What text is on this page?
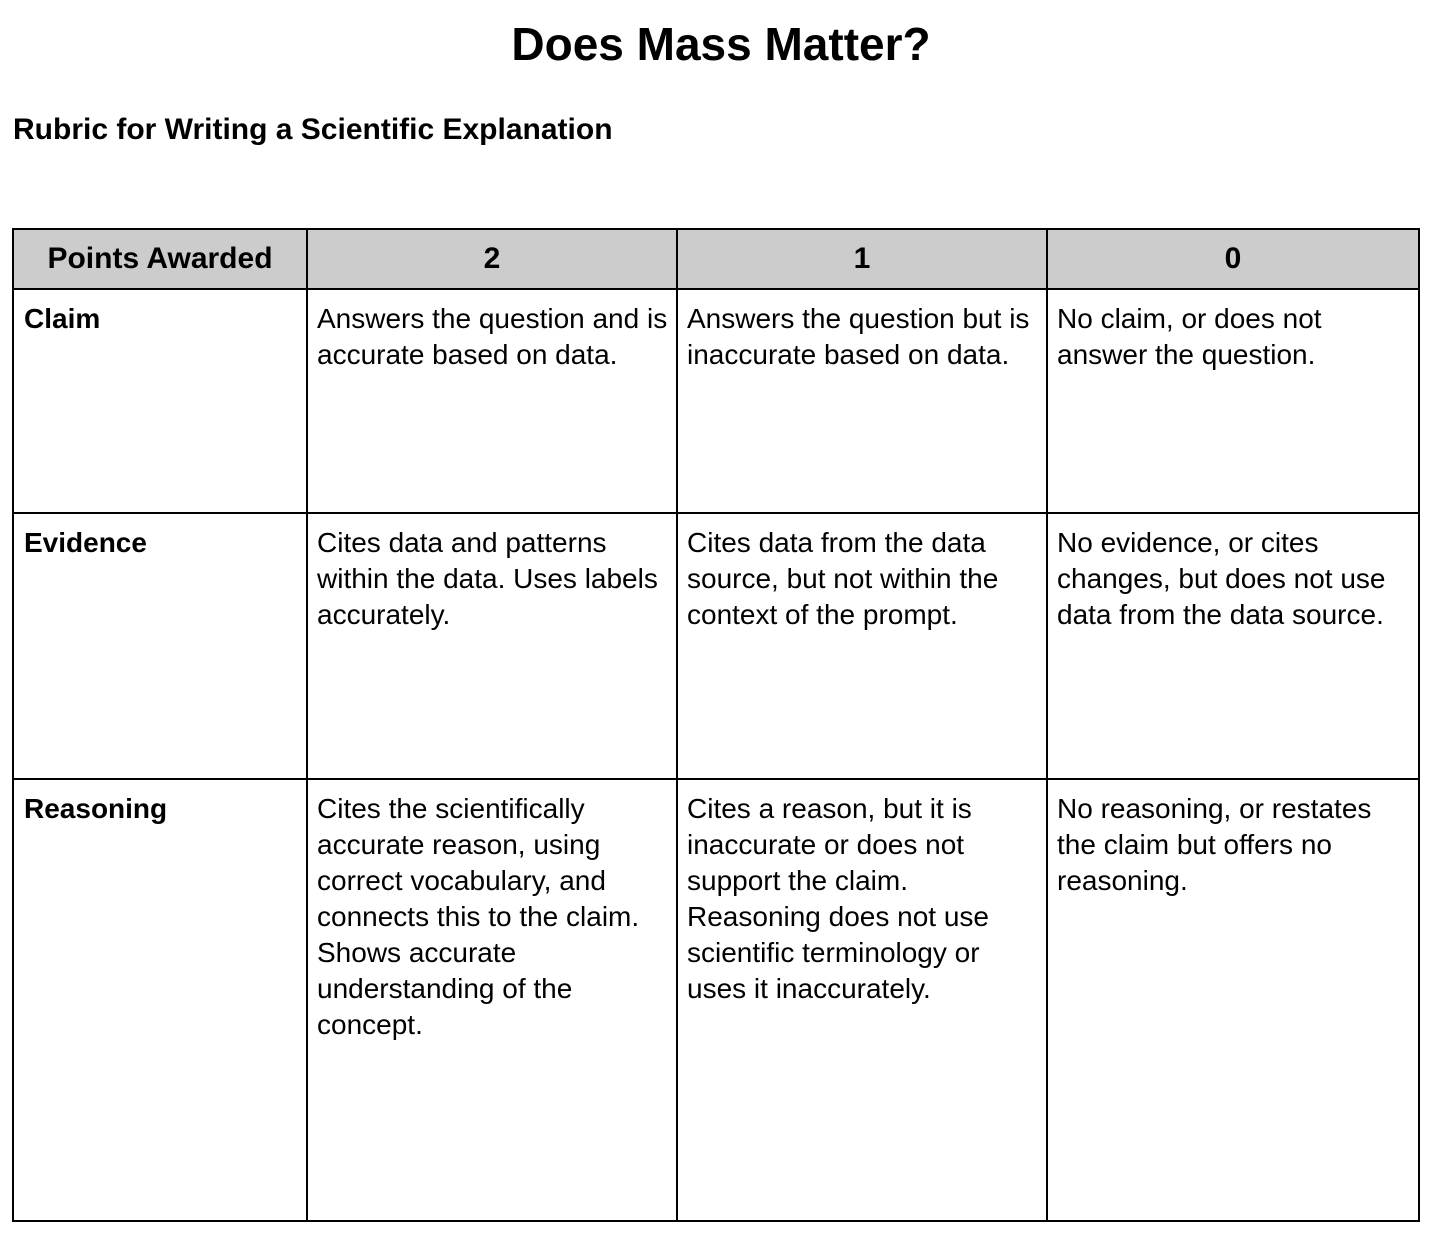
Does Mass Matter?
Rubric for Writing a Scientific Explanation
Points Awarded	2	1	0
Claim	Answers the question and is accurate based on data.	Answers the question but is inaccurate based on data.	No claim, or does not answer the question.
Evidence	Cites data and patterns within the data. Uses labels accurately.	Cites data from the data source, but not within the context of the prompt.	No evidence, or cites changes, but does not use data from the data source.
Reasoning	Cites the scientifically accurate reason, using correct vocabulary, and connects this to the claim. Shows accurate understanding of the concept.	Cites a reason, but it is inaccurate or does not support the claim. Reasoning does not use scientific terminology or uses it inaccurately.	No reasoning, or restates the claim but offers no reasoning.
